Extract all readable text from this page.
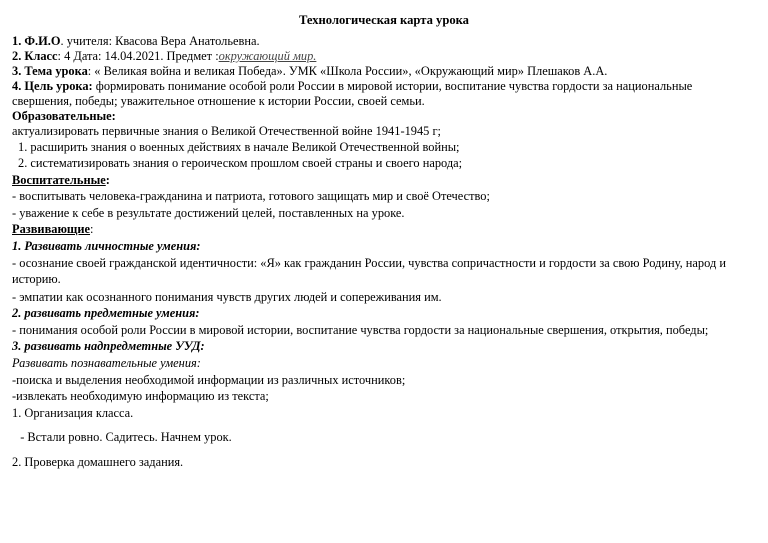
Технологическая карта урока
1. Ф.И.О. учителя: Квасова Вера Анатольевна.
2. Класс: 4 Дата: 14.04.2021. Предмет :окружающий мир.
3. Тема урока: « Великая война и великая Победа». УМК «Школа России», «Окружающий мир» Плешаков А.А.
4. Цель урока: формировать понимание особой роли России в мировой истории, воспитание чувства гордости за национальные
свершения, победы; уважительное отношение к истории России, своей семьи.
Образовательные:
актуализировать первичные знания о Великой Отечественной войне 1941-1945 г;
1. расширить знания о военных действиях в начале Великой Отечественной войны;
2. систематизировать знания о героическом прошлом своей страны и своего народа;
Воспитательные:
- воспитывать человека-гражданина и патриота, готового защищать мир и своё Отечество;
- уважение к себе в результате достижений целей, поставленных на уроке.
Развивающие:
1. Развивать личностные умения:
- осознание своей гражданской идентичности: «Я» как гражданин России, чувства сопричастности и гордости за свою Родину, народ и
историю.
- эмпатии как осознанного понимания чувств других людей и сопереживания им.
2. развивать предметные умения:
- понимания особой роли России в мировой истории, воспитание чувства гордости за национальные свершения, открытия, победы;
3. развивать надпредметные УУД:
Развивать познавательные умения:
-поиска и выделения необходимой информации из различных источников;
-извлекать необходимую информацию из текста;
1. Организация класса.
- Встали ровно. Садитесь. Начнем урок.
2. Проверка домашнего задания.
